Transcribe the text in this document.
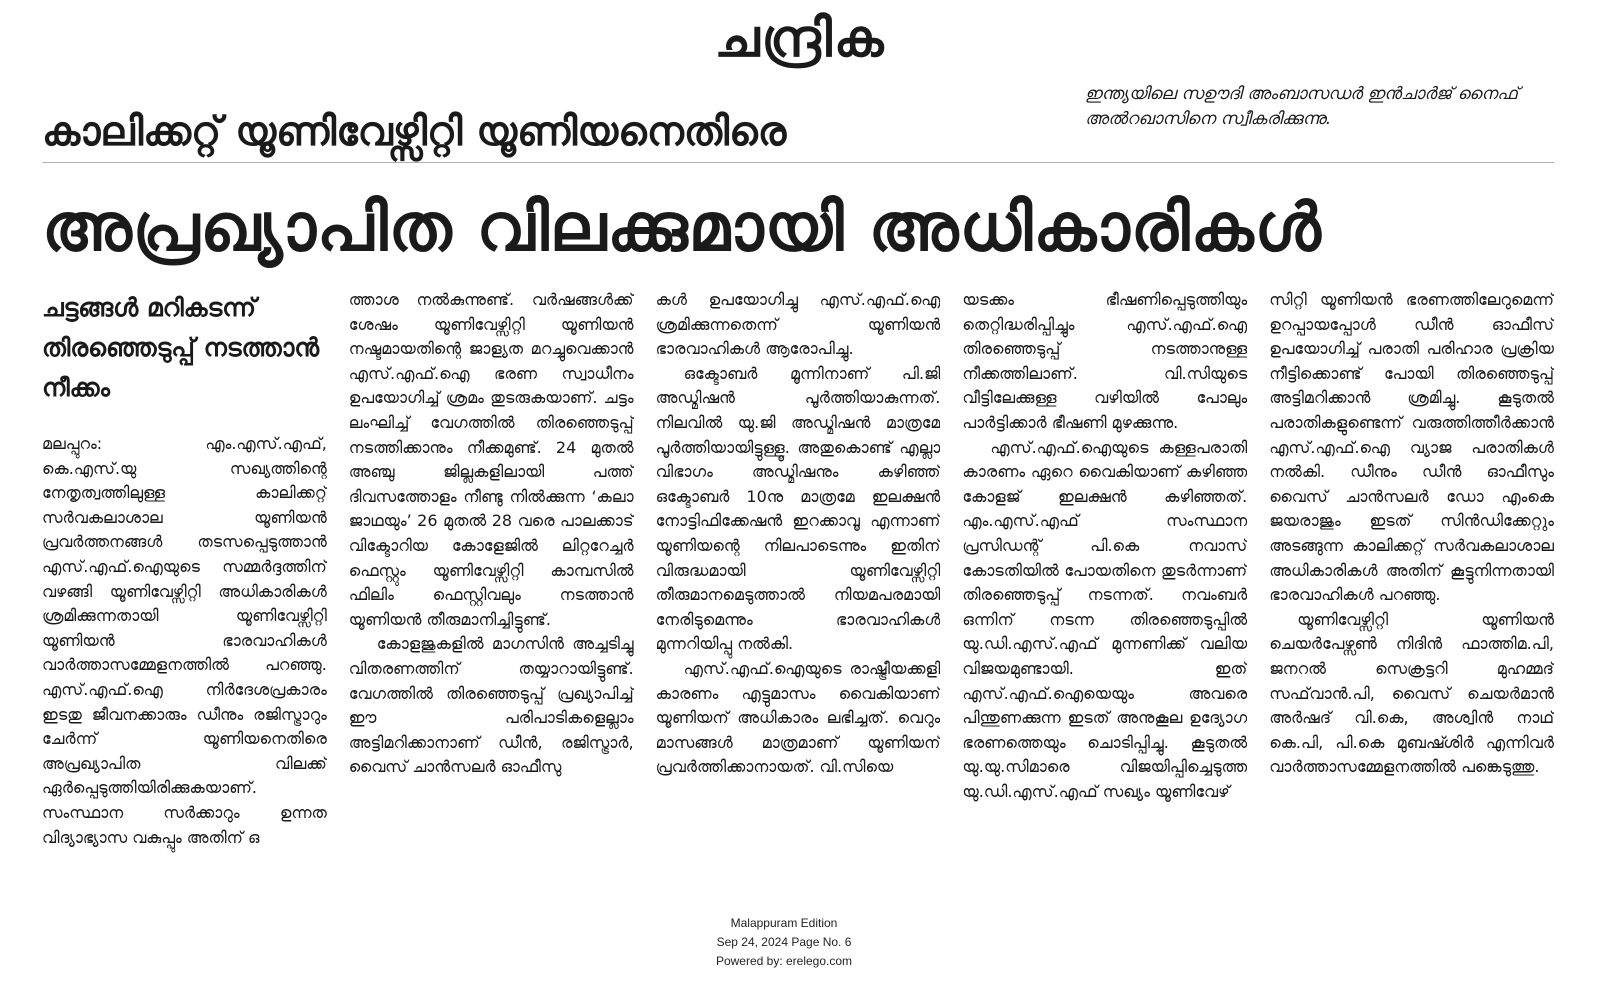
ചന്ദ്രിക
ഇന്ത്യയിലെ സഊദി അംബാസഡർ ഇൻചാർജ് നൈഫ് അൽറഖാസിനെ സ്വീകരിക്കുന്നു.
കാലിക്കറ്റ് യൂണിവേഴ്സിറ്റി യൂണിയനെതിരെ
അപ്രഖ്യാപിത വിലക്കുമായി അധികാരികൾ
ചട്ടങ്ങൾ മറികടന്ന് തിരഞ്ഞെടുപ്പ് നടത്താൻ നീക്കം

മലപ്പുറം: എം.എസ്.എഫ്, കെ.എസ്.യു സഖ്യത്തിന്റെ നേതൃത്വത്തിലുള്ള കാലിക്കറ്റ് സർവകലാശാല യൂണിയൻ പ്രവർത്തനങ്ങൾ തടസപ്പെടുത്താൻ എസ്.എഫ്.ഐയുടെ സമ്മർദ്ദത്തിന് വഴങ്ങി യൂണിവേഴ്സിറ്റി അധികാരികൾ ശ്രമിക്കുന്നതായി യൂണിവേഴ്സിറ്റി യൂണിയൻ ഭാരവാഹികൾ വാർത്താസമ്മേളനത്തിൽ പറഞ്ഞു. എസ്.എഫ്.ഐ നിർദേശപ്രകാരം ഇടതു ജീവനക്കാരും ഡീനും രജിസ്ട്രാറും ചേർന്ന് യൂണിയനെതിരെ അപ്രഖ്യാപിത വിലക്ക് ഏർപ്പെടുത്തിയിരിക്കുകയാണ്. സംസ്ഥാന സർക്കാറും ഉന്നത വിദ്യാഭ്യാസ വകുപ്പും അതിന് ഒ

ത്താശ നൽകുന്നുണ്ട്. വർഷങ്ങൾക്ക് ശേഷം യൂണിവേഴ്സിറ്റി യൂണിയൻ നഷ്ടമായതിന്റെ ജാള്യത മറച്ചുവെക്കാൻ എസ്.എഫ്.ഐ ഭരണ സ്വാധീനം ഉപയോഗിച്ച് ശ്രമം തുടരുകയാണ്. ചട്ടം ലംഘിച്ച് വേഗത്തിൽ തിരഞ്ഞെടുപ്പ് നടത്തിക്കാനും നീക്കമുണ്ട്. 24 മുതൽ അഞ്ചു ജില്ലകളിലായി പത്ത് ദിവസത്തോളം നീണ്ടു നിൽക്കുന്ന ‘കലാ ജാഥയും’ 26 മുതൽ 28 വരെ പാലക്കാട് വിക്ടോറിയ കോളേജിൽ ലിറ്ററേച്ചർ ഫെസ്റ്റും യൂണിവേഴ്സിറ്റി കാമ്പസിൽ ഫിലിം ഫെസ്റ്റിവലും നടത്താൻ യൂണിയൻ തീരുമാനിച്ചിട്ടുണ്ട്.

കോളജുകളിൽ മാഗസിൻ അച്ചടിച്ചു വിതരണത്തിന് തയ്യാറായിട്ടുണ്ട്. വേഗത്തിൽ തിരഞ്ഞെടുപ്പ് പ്രഖ്യാപിച്ച് ഈ പരിപാടികളെല്ലാം അട്ടിമറിക്കാനാണ് ഡീൻ, രജിസ്ട്രാർ, വൈസ് ചാൻസലർ ഓഫീസു

കൾ ഉപയോഗിച്ചു എസ്.എഫ്.ഐ ശ്രമിക്കുന്നതെന്ന് യൂണിയൻ ഭാരവാഹികൾ ആരോപിച്ചു.

ഒക്ടോബർ മൂന്നിനാണ് പി.ജി അഡ്മിഷൻ പൂർത്തിയാകുന്നത്. നിലവിൽ യു.ജി അഡ്മിഷൻ മാത്രമേ പൂർത്തിയായിട്ടുള്ളൂ. അതുകൊണ്ട് എല്ലാ വിഭാഗം അഡ്മിഷനും കഴിഞ്ഞ് ഒക്ടോബർ 10നു മാത്രമേ ഇലക്ഷൻ നോട്ടിഫിക്കേഷൻ ഇറക്കാവൂ എന്നാണ് യൂണിയന്റെ നിലപാടെന്നും ഇതിന് വിരുദ്ധമായി യൂണിവേഴ്സിറ്റി തീരുമാനമെടുത്താൽ നിയമപരമായി നേരിടുമെന്നും ഭാരവാഹികൾ മുന്നറിയിപ്പു നൽകി.

എസ്.എഫ്.ഐയുടെ രാഷ്ട്രീയക്കളി കാരണം എട്ടുമാസം വൈകിയാണ് യൂണിയന് അധികാരം ലഭിച്ചത്. വെറും മാസങ്ങൾ മാത്രമാണ് യൂണിയന് പ്രവർത്തിക്കാനായത്. വി.സിയെ

യടക്കം ഭീഷണിപ്പെടുത്തിയും തെറ്റിദ്ധരിപ്പിച്ചും എസ്.എഫ്.ഐ തിരഞ്ഞെടുപ്പ് നടത്താനുള്ള നീക്കത്തിലാണ്. വി.സിയുടെ വീട്ടിലേക്കുള്ള വഴിയിൽ പോലും പാർട്ടിക്കാർ ഭീഷണി മുഴക്കുന്നു.

എസ്.എഫ്.ഐയുടെ കള്ളപരാതി കാരണം ഏറെ വൈകിയാണ് കഴിഞ്ഞ കോളജ് ഇലക്ഷൻ കഴിഞ്ഞത്. എം.എസ്.എഫ് സംസ്ഥാന പ്രസിഡന്റ് പി.കെ നവാസ് കോടതിയിൽ പോയതിനെ തുടർന്നാണ് തിരഞ്ഞെടുപ്പ് നടന്നത്. നവംബർ ഒന്നിന് നടന്ന തിരഞ്ഞെടുപ്പിൽ യു.ഡി.എസ്.എഫ് മുന്നണിക്ക് വലിയ വിജയമുണ്ടായി. ഇത് എസ്.എഫ്.ഐയെയും അവരെ പിന്തുണക്കുന്ന ഇടത് അനുകൂല ഉദ്യോഗ ഭരണത്തെയും ചൊടിപ്പിച്ചു. കൂടുതൽ യു.യു.സിമാരെ വിജയിപ്പിച്ചെടുത്ത യു.ഡി.എസ്.എഫ് സഖ്യം യൂണിവേഴ്

സിറ്റി യൂണിയൻ ഭരണത്തിലേറുമെന്ന് ഉറപ്പായപ്പോൾ ഡീൻ ഓഫീസ് ഉപയോഗിച്ച് പരാതി പരിഹാര പ്രക്രിയ നീട്ടിക്കൊണ്ട് പോയി തിരഞ്ഞെടുപ്പ് അട്ടിമറിക്കാൻ ശ്രമിച്ചു. കൂടുതൽ പരാതികളുണ്ടെന്ന് വരുത്തിത്തീർക്കാൻ എസ്.എഫ്.ഐ വ്യാജ പരാതികൾ നൽകി. ഡീനും ഡീൻ ഓഫീസും വൈസ് ചാൻസലർ ഡോ എംകെ ജയരാജും ഇടത് സിൻഡിക്കേറ്റും അടങ്ങുന്ന കാലിക്കറ്റ് സർവകലാശാല അധികാരികൾ അതിന് കൂട്ടുനിന്നതായി ഭാരവാഹികൾ പറഞ്ഞു.

യൂണിവേഴ്സിറ്റി യൂണിയൻ ചെയർപേഴ്സൺ നിദിൻ ഫാത്തിമ.പി, ജനറൽ സെക്രട്ടറി മുഹമ്മദ് സഫ്‌വാൻ.പി, വൈസ് ചെയർമാൻ അർഷദ് വി.കെ, അശ്വിൻ നാഥ് കെ.പി, പി.കെ മുബഷ്ശിർ എന്നിവർ വാർത്താസമ്മേളനത്തിൽ പങ്കെടുത്തു.

Malappuram Edition
Sep 24, 2024 Page No. 6
Powered by: erelego.com
